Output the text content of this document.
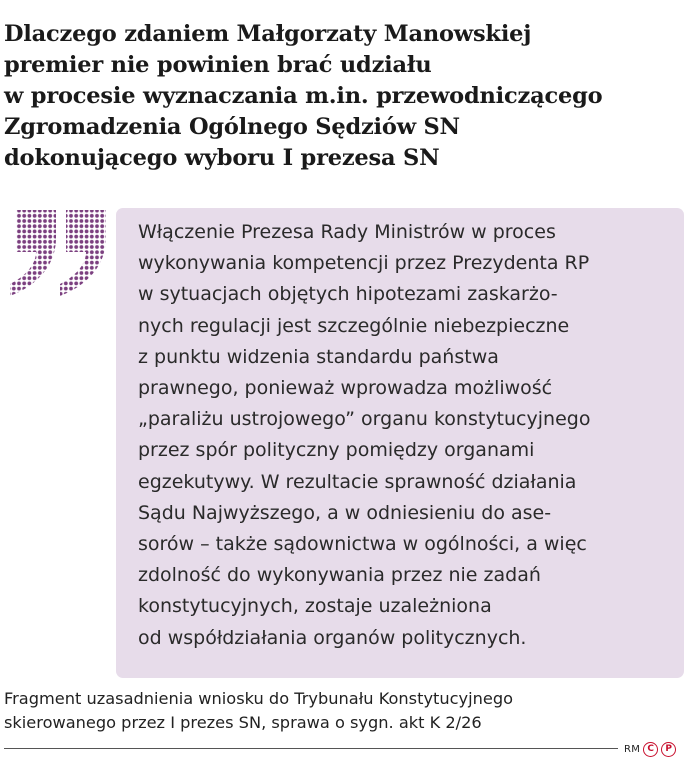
Dlaczego zdaniem Małgorzaty Manowskiej
premier nie powinien brać udziału
w procesie wyznaczania m.in. przewodniczącego
Zgromadzenia Ogólnego Sędziów SN
dokonującego wyboru I prezesa SN

Włączenie Prezesa Rady Ministrów w proces
wykonywania kompetencji przez Prezydenta RP
w sytuacjach objętych hipotezami zaskarżo-
nych regulacji jest szczególnie niebezpieczne
z punktu widzenia standardu państwa
prawnego, ponieważ wprowadza możliwość
„paraliżu ustrojowego” organu konstytucyjnego
przez spór polityczny pomiędzy organami
egzekutywy. W rezultacie sprawność działania
Sądu Najwyższego, a w odniesieniu do ase-
sorów – także sądownictwa w ogólności, a więc
zdolność do wykonywania przez nie zadań
konstytucyjnych, zostaje uzależniona
od współdziałania organów politycznych.

Fragment uzasadnienia wniosku do Trybunału Konstytucyjnego
skierowanego przez I prezes SN, sprawa o sygn. akt K 2/26

RM C	P
